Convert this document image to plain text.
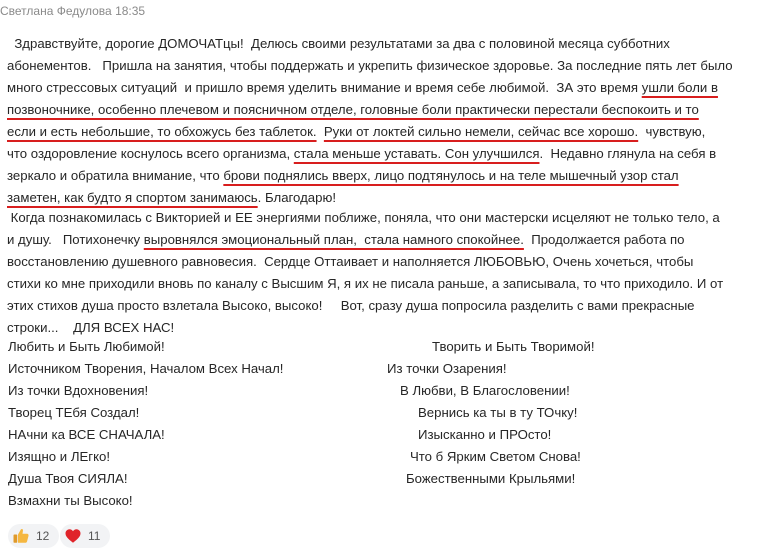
Светлана Федулова 18:35
Здравствуйте, дорогие ДОМОЧАТцы!  Делюсь своими результатами за два с половиной месяца субботних
абонементов.   Пришла на занятия, чтобы поддержать и укрепить физическое здоровье. За последние пять лет было
много стрессовых ситуаций  и пришло время уделить внимание и время себе любимой.  ЗА это время ушли боли в
позвоночнике, особенно плечевом и поясничном отделе, головные боли практически перестали беспокоить и то
если и есть небольшие, то обхожусь без таблеток. Руки от локтей сильно немели, сейчас все хорошо.  чувствую,
что оздоровление коснулось всего организма, стала меньше уставать. Сон улучшился.  Недавно глянула на себя в
зеркало и обратила внимание, что брови поднялись вверх, лицо подтянулось и на теле мышечный узор стал
заметен, как будто я спортом занимаюсь. Благодарю!
Когда познакомилась с Викторией и ЕЕ энергиями поближе, поняла, что они мастерски исцеляют не только тело, а
и душу.   Потихонечку выровнялся эмоциональный план,  стала намного спокойнее.  Продолжается работа по
восстановлению душевного равновесия.  Сердце Оттаивает и наполняется ЛЮБОВЬЮ, Очень хочеться, чтобы
стихи ко мне приходили вновь по каналу с Высшим Я, я их не писала раньше, а записывала, то что приходило. И от
этих стихов душа просто взлетала Высоко, высоко!     Вот, сразу душа попросила разделить с вами прекрасные
строки...    ДЛЯ ВСЕХ НАС!
Любить и Быть Любимой!	Творить и Быть Творимой!
Источником Творения, Началом Всех Начал!	Из точки Озарения!
Из точки Вдохновения!	В Любви, В Благословении!
Творец ТЕбя Создал!	Вернись ка ты в ту ТОчку!
НАчни ка ВСЕ СНАЧАЛА!	Изысканно и ПРОсто!
Изящно и ЛЕгко!	Что б Ярким Светом Снова!
Душа Твоя СИЯЛА!	Божественными Крыльями!
Взмахни ты Высоко!
12	11
